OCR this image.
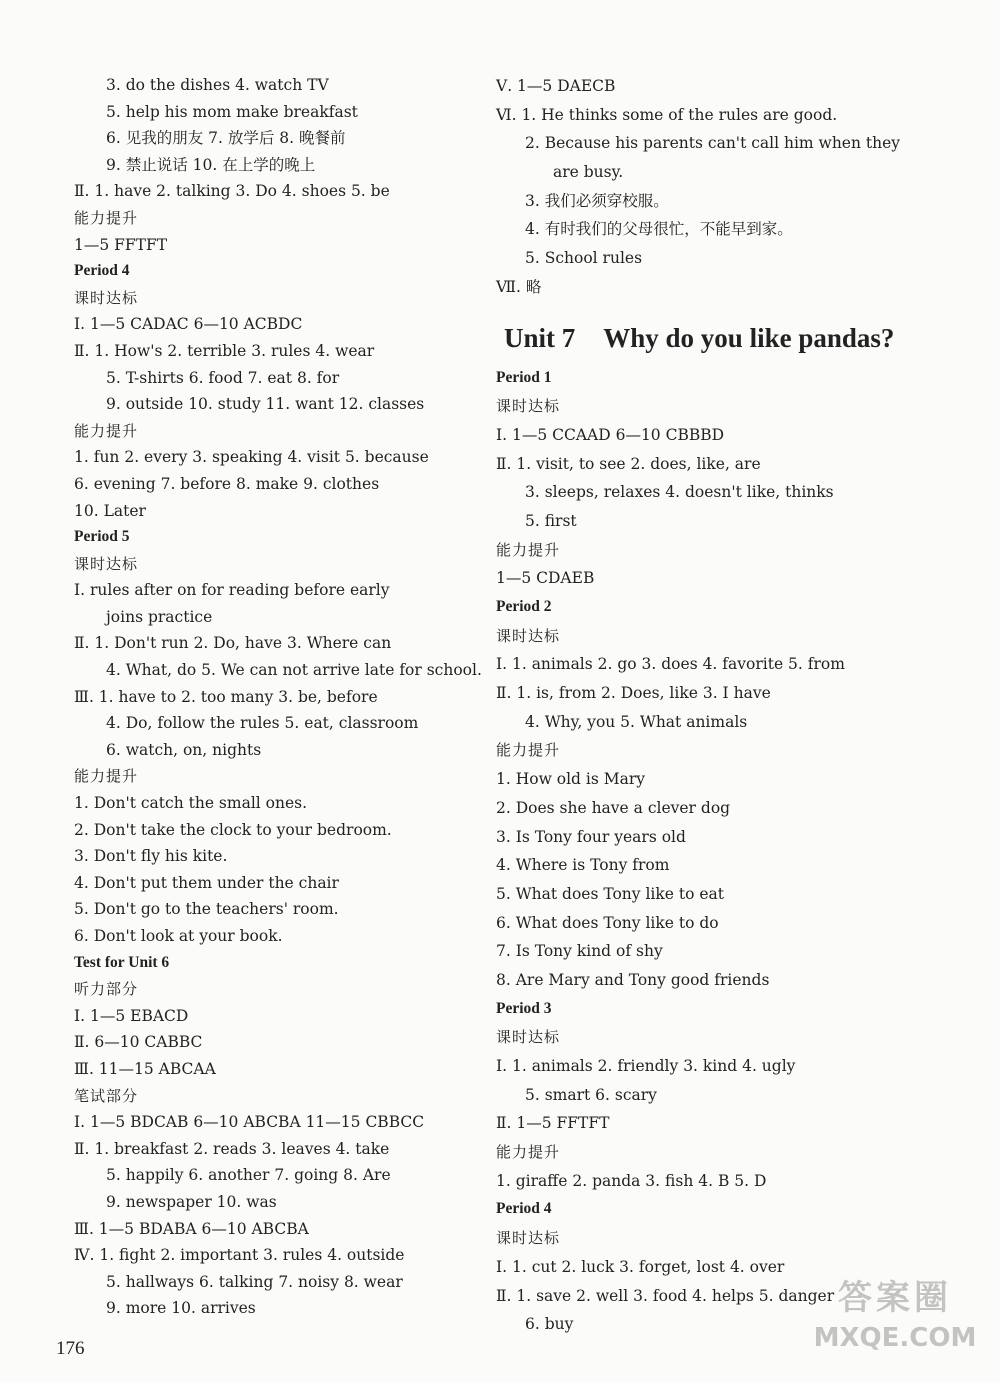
3. do the dishes 4. watch TV
5. help his mom make breakfast
6. 见我的朋友 7. 放学后 8. 晚餐前
9. 禁止说话 10. 在上学的晚上
Ⅱ. 1. have 2. talking 3. Do 4. shoes 5. be
能力提升
1—5 FFTFT
Period 4
课时达标
Ⅰ. 1—5 CADAC 6—10 ACBDC
Ⅱ. 1. How's 2. terrible 3. rules 4. wear
5. T-shirts 6. food 7. eat 8. for
9. outside 10. study 11. want 12. classes
能力提升
1. fun 2. every 3. speaking 4. visit 5. because
6. evening 7. before 8. make 9. clothes
10. Later
Period 5
课时达标
Ⅰ. rules after on for reading before early
joins practice
Ⅱ. 1. Don't run 2. Do, have 3. Where can
4. What, do 5. We can not arrive late for school.
Ⅲ. 1. have to 2. too many 3. be, before
4. Do, follow the rules 5. eat, classroom
6. watch, on, nights
能力提升
1. Don't catch the small ones.
2. Don't take the clock to your bedroom.
3. Don't fly his kite.
4. Don't put them under the chair
5. Don't go to the teachers' room.
6. Don't look at your book.
Test for Unit 6
听力部分
Ⅰ. 1—5 EBACD
Ⅱ. 6—10 CABBC
Ⅲ. 11—15 ABCAA
笔试部分
Ⅰ. 1—5 BDCAB 6—10 ABCBA 11—15 CBBCC
Ⅱ. 1. breakfast 2. reads 3. leaves 4. take
5. happily 6. another 7. going 8. Are
9. newspaper 10. was
Ⅲ. 1—5 BDABA 6—10 ABCBA
Ⅳ. 1. fight 2. important 3. rules 4. outside
5. hallways 6. talking 7. noisy 8. wear
9. more 10. arrives
Ⅴ. 1—5 DAECB
Ⅵ. 1. He thinks some of the rules are good.
2. Because his parents can't call him when they
are busy.
3. 我们必须穿校服。
4. 有时我们的父母很忙，不能早到家。
5. School rules
Ⅶ. 略
Unit 7 Why do you like pandas?
Period 1
课时达标
Ⅰ. 1—5 CCAAD 6—10 CBBBD
Ⅱ. 1. visit, to see 2. does, like, are
3. sleeps, relaxes 4. doesn't like, thinks
5. first
能力提升
1—5 CDAEB
Period 2
课时达标
Ⅰ. 1. animals 2. go 3. does 4. favorite 5. from
Ⅱ. 1. is, from 2. Does, like 3. I have
4. Why, you 5. What animals
能力提升
1. How old is Mary
2. Does she have a clever dog
3. Is Tony four years old
4. Where is Tony from
5. What does Tony like to eat
6. What does Tony like to do
7. Is Tony kind of shy
8. Are Mary and Tony good friends
Period 3
课时达标
Ⅰ. 1. animals 2. friendly 3. kind 4. ugly
5. smart 6. scary
Ⅱ. 1—5 FFTFT
能力提升
1. giraffe 2. panda 3. fish 4. B 5. D
Period 4
课时达标
Ⅰ. 1. cut 2. luck 3. forget, lost 4. over
Ⅱ. 1. save 2. well 3. food 4. helps 5. danger
6. buy
176
答案圈
MXQE.COM
